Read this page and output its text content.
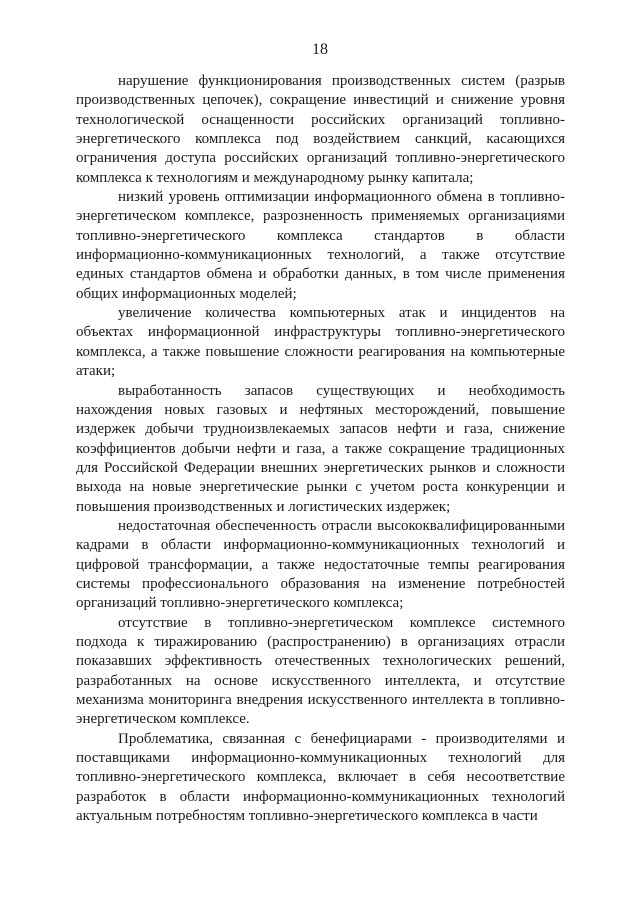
18

нарушение функционирования производственных систем (разрыв производственных цепочек), сокращение инвестиций и снижение уровня технологической оснащенности российских организаций топливно-энергетического комплекса под воздействием санкций, касающихся ограничения доступа российских организаций топливно-энергетического комплекса к технологиям и международному рынку капитала;

низкий уровень оптимизации информационного обмена в топливно-энергетическом комплексе, разрозненность применяемых организациями топливно-энергетического комплекса стандартов в области информационно-коммуникационных технологий, а также отсутствие единых стандартов обмена и обработки данных, в том числе применения общих информационных моделей;

увеличение количества компьютерных атак и инцидентов на объектах информационной инфраструктуры топливно-энергетического комплекса, а также повышение сложности реагирования на компьютерные атаки;

выработанность запасов существующих и необходимость нахождения новых газовых и нефтяных месторождений, повышение издержек добычи трудноизвлекаемых запасов нефти и газа, снижение коэффициентов добычи нефти и газа, а также сокращение традиционных для Российской Федерации внешних энергетических рынков и сложности выхода на новые энергетические рынки с учетом роста конкуренции и повышения производственных и логистических издержек;

недостаточная обеспеченность отрасли высококвалифицированными кадрами в области информационно-коммуникационных технологий и цифровой трансформации, а также недостаточные темпы реагирования системы профессионального образования на изменение потребностей организаций топливно-энергетического комплекса;

отсутствие в топливно-энергетическом комплексе системного подхода к тиражированию (распространению) в организациях отрасли показавших эффективность отечественных технологических решений, разработанных на основе искусственного интеллекта, и отсутствие механизма мониторинга внедрения искусственного интеллекта в топливно-энергетическом комплексе.

Проблематика, связанная с бенефициарами - производителями и поставщиками информационно-коммуникационных технологий для топливно-энергетического комплекса, включает в себя несоответствие разработок в области информационно-коммуникационных технологий актуальным потребностям топливно-энергетического комплекса в части
